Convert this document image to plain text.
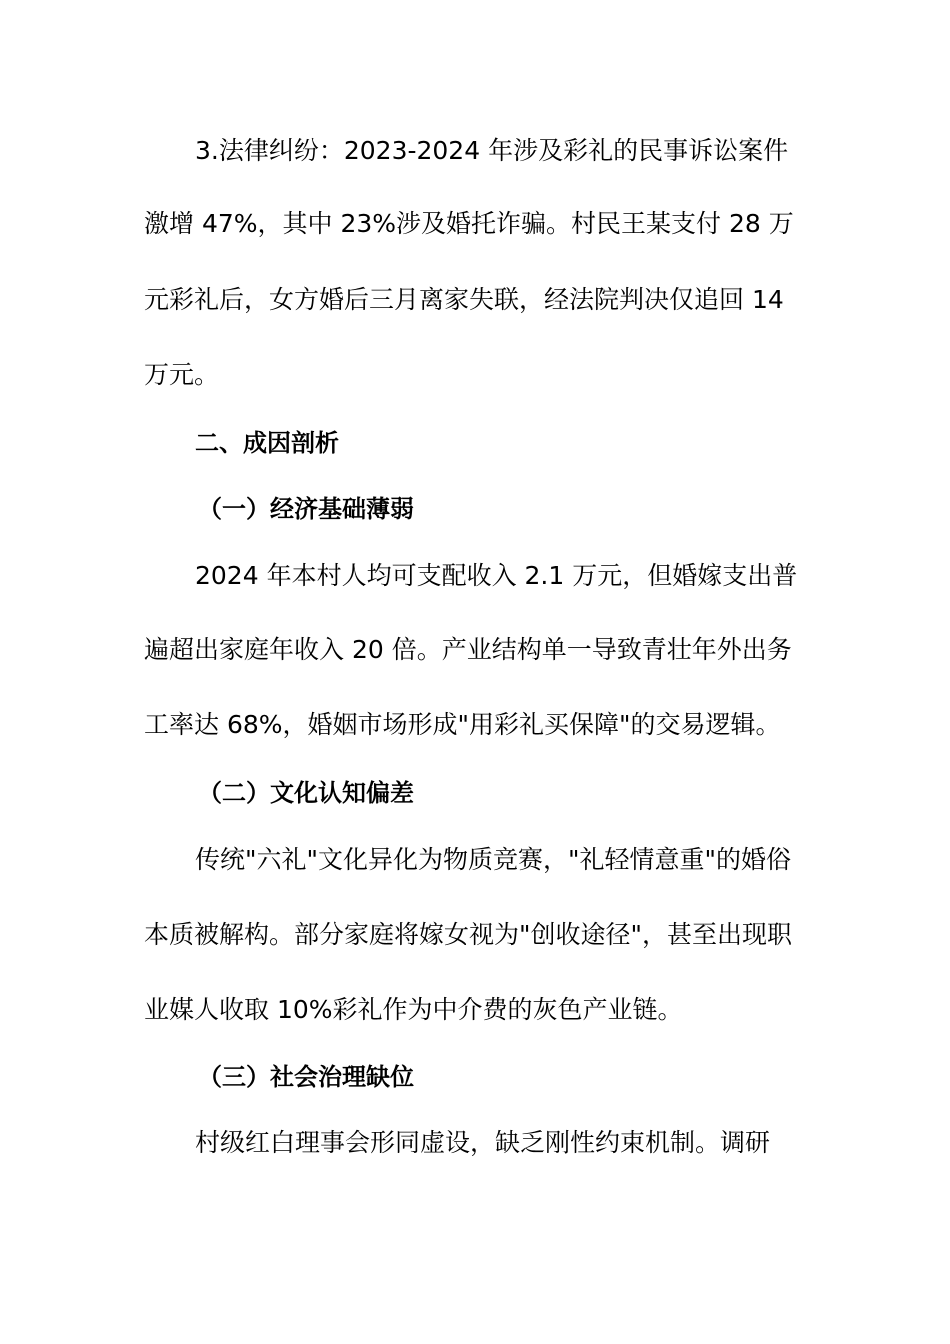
3.法律纠纷：2023-2024 年涉及彩礼的民事诉讼案件

激增 47%，其中 23%涉及婚托诈骗。村民王某支付 28 万

元彩礼后，女方婚后三月离家失联，经法院判决仅追回 14

万元。

二、成因剖析

（一）经济基础薄弱

2024 年本村人均可支配收入 2.1 万元，但婚嫁支出普

遍超出家庭年收入 20 倍。产业结构单一导致青壮年外出务

工率达 68%，婚姻市场形成"用彩礼买保障"的交易逻辑。

（二）文化认知偏差

传统"六礼"文化异化为物质竞赛，"礼轻情意重"的婚俗

本质被解构。部分家庭将嫁女视为"创收途径"，甚至出现职

业媒人收取 10%彩礼作为中介费的灰色产业链。

（三）社会治理缺位

村级红白理事会形同虚设，缺乏刚性约束机制。调研
